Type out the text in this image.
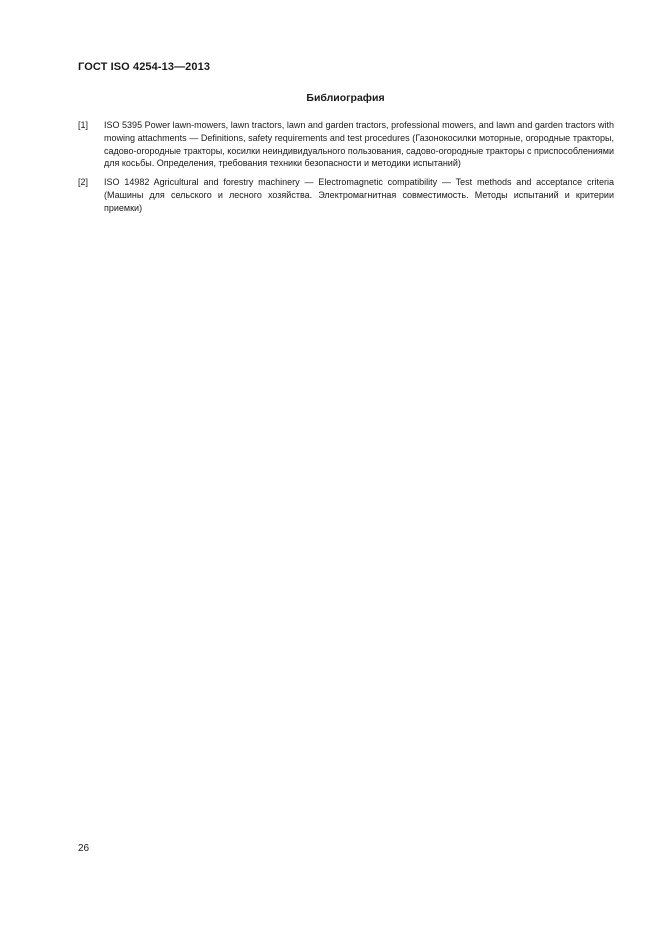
ГОСТ ISO 4254-13—2013
Библиография
[1]	ISO 5395 Power lawn-mowers, lawn tractors, lawn and garden tractors, professional mowers, and lawn and garden tractors with mowing attachments — Definitions, safety requirements and test procedures (Газонокосилки моторные, огородные тракторы, садово-огородные тракторы, косилки неиндивидуального пользования, садово-огородные тракторы с приспособлениями для косьбы. Определения, требования техники безопасности и методики испытаний)
[2]	ISO 14982 Agricultural and forestry machinery — Electromagnetic compatibility — Test methods and acceptance criteria (Машины для сельского и лесного хозяйства. Электромагнитная совместимость. Методы испытаний и критерии приемки)
26
